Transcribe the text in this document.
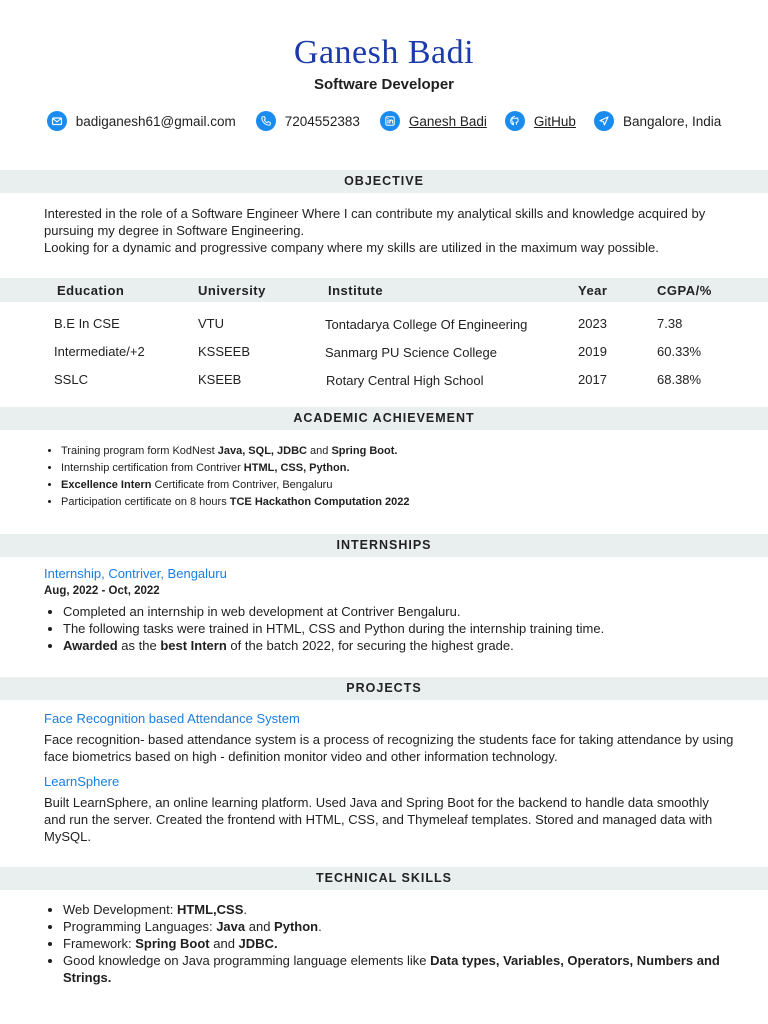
Ganesh Badi
Software Developer
badiganesh61@gmail.com	7204552383	Ganesh Badi	GitHub	Bangalore, India
OBJECTIVE
Interested in the role of a Software Engineer Where I can contribute my analytical skills and knowledge acquired by pursuing my degree in Software Engineering.
Looking for a dynamic and progressive company where my skills are utilized in the maximum way possible.
Education	University	Institute	Year	CGPA/%
B.E In CSE	VTU	Tontadarya College Of Engineering	2023	7.38
Intermediate/+2	KSSEEB	Sanmarg PU Science College	2019	60.33%
SSLC	KSEEB	Rotary Central High School	2017	68.38%
ACADEMIC ACHIEVEMENT
• Training program form KodNest Java, SQL, JDBC and Spring Boot.
• Internship certification from Contriver HTML, CSS, Python.
• Excellence Intern Certificate from Contriver, Bengaluru
• Participation certificate on 8 hours TCE Hackathon Computation 2022
INTERNSHIPS
Internship, Contriver, Bengaluru
Aug, 2022 - Oct, 2022
• Completed an internship in web development at Contriver Bengaluru.
• The following tasks were trained in HTML, CSS and Python during the internship training time.
• Awarded as the best Intern of the batch 2022, for securing the highest grade.
PROJECTS
Face Recognition based Attendance System
Face recognition- based attendance system is a process of recognizing the students face for taking attendance by using face biometrics based on high - definition monitor video and other information technology.
LearnSphere
Built LearnSphere, an online learning platform. Used Java and Spring Boot for the backend to handle data smoothly and run the server. Created the frontend with HTML, CSS, and Thymeleaf templates. Stored and managed data with MySQL.
TECHNICAL SKILLS
• Web Development: HTML,CSS.
• Programming Languages: Java and Python.
• Framework: Spring Boot and JDBC.
• Good knowledge on Java programming language elements like Data types, Variables, Operators, Numbers and Strings.
